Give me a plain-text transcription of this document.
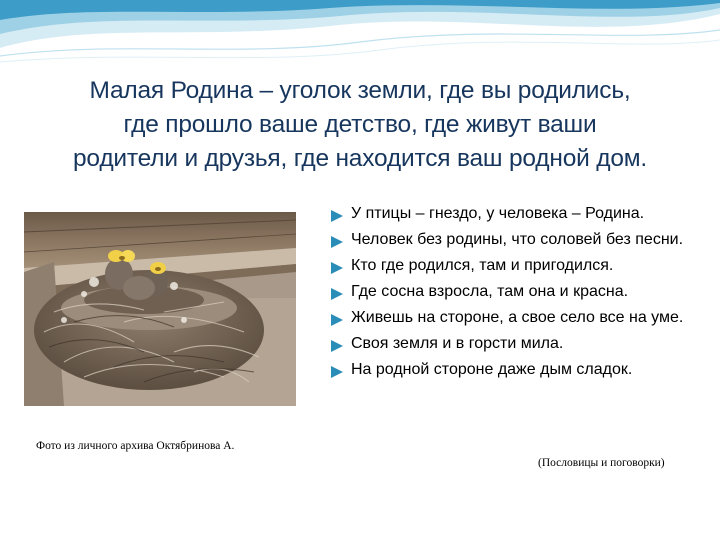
Малая Родина – уголок земли, где вы родились,
где прошло ваше детство, где живут ваши
родители и друзья, где находится ваш родной дом.
Фото из личного архива Октябринова А.
У птицы – гнездо, у человека – Родина.
Человек без родины, что соловей без песни.
Кто где родился, там и пригодился.
Где сосна взросла, там она и красна.
Живешь на стороне, а свое село все на уме.
Своя земля и в горсти мила.
На родной стороне даже дым сладок.
(Пословицы и поговорки)
